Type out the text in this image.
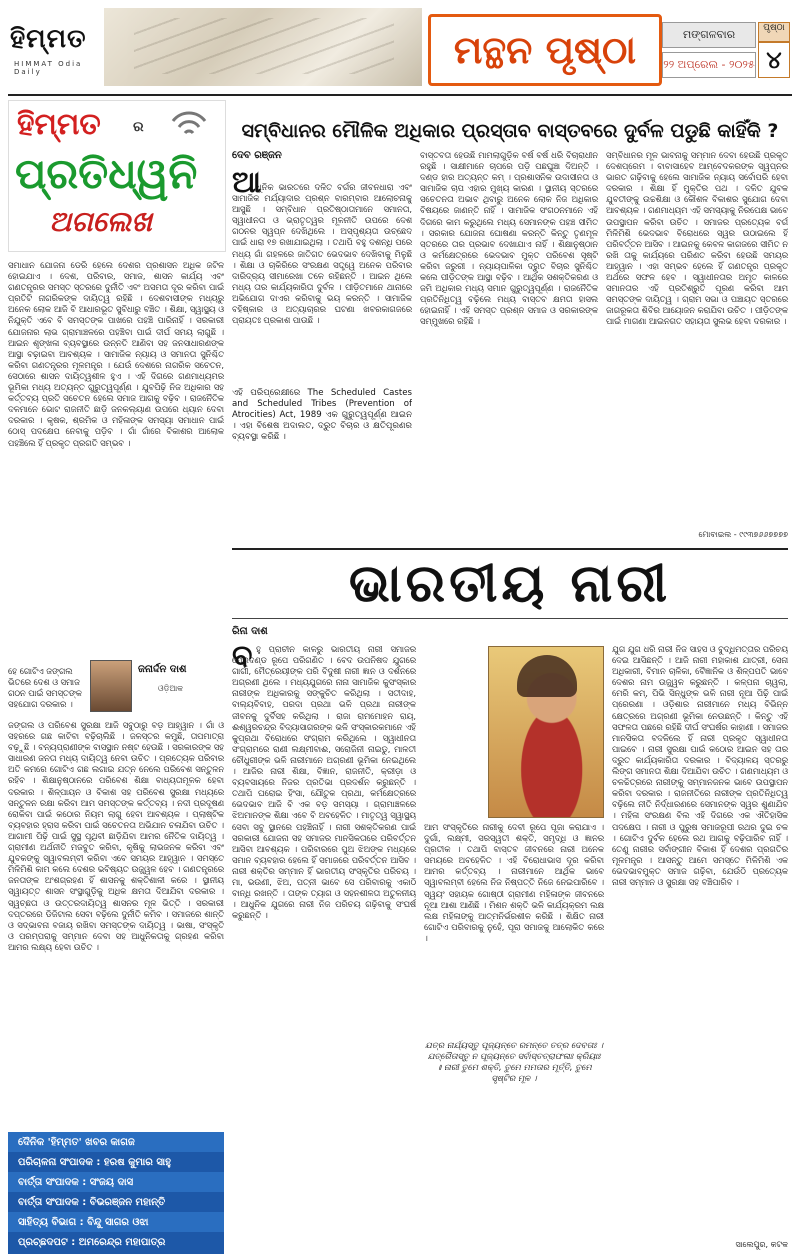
ହିମ୍ମତ
HIMMAT Odia Daily	ମନ୍ଥନ ପୃଷ୍ଠା	ମଙ୍ଗଳବାର
୨୨ ଅପ୍ରେଲ - ୨୦୨୫
ପୃଷ୍ଠା
୪
ହିମ୍ମତ ର
ପ୍ରତିଧ୍ୱନି
ଅଗଲେଖ
ସମାଧାନ ଯୋଜନା ଡେରି ହେଲେ ଦେଶର ପ୍ରଶାସନ ଅଧିକ ଜଟିଳ ହୋଇଯାଏ । ଦେଶ, ପରିବାର, ସମାଜ, ଶାସନ କାର୍ଯ୍ୟ ଏବଂ ଗଣତନ୍ତ୍ରର ସମସ୍ତ ସ୍ତରରେ ଦୁର୍ନୀତି ଏବଂ ଅସମତା ଦୂର କରିବା ପାଇଁ ପ୍ରତିଟି ନାଗରିକଙ୍କ ଦାୟିତ୍ୱ ରହିଛି । ଦେଶବାସୀଙ୍କ ମଧ୍ୟରୁ ଅନେକ ଲୋକ ଆଜି ବି ଆଧାରଭୂତ ସୁବିଧାରୁ ବଞ୍ଚିତ । ଶିକ୍ଷା, ସ୍ୱାସ୍ଥ୍ୟ ଓ ନିଯୁକ୍ତି ଏବେ ବି ସମସ୍ତଙ୍କ ପାଖରେ ପହଞ୍ଚି ପାରିନାହିଁ । ସରକାରୀ ଯୋଜନାର ଲାଭ ଗ୍ରାମାଞ୍ଚଳରେ ପହଞ୍ଚିବା ପାଇଁ ଦୀର୍ଘ ସମୟ ଲାଗୁଛି । ଆଇନ ଶୃଙ୍ଖଳା ବ୍ୟବସ୍ଥାରେ ଉନ୍ନତି ଆଣିବା ସହ ଜନସାଧାରଣଙ୍କ ଆସ୍ଥା ବଢ଼ାଇବା ଆବଶ୍ୟକ । ସାମାଜିକ ନ୍ୟାୟ ଓ ସମାନତା ସୁନିଶ୍ଚିତ କରିବା ଗଣତନ୍ତ୍ରର ମୂଳମନ୍ତ୍ର । ଯେଉଁ ଦେଶରେ ନାଗରିକ ସଚେତନ, ସେଠାରେ ଶାସନ ଦାୟିତ୍ୱଶୀଳ ହୁଏ । ଏହି ଦିଗରେ ଗଣମାଧ୍ୟମର ଭୂମିକା ମଧ୍ୟ ଅତ୍ୟନ୍ତ ଗୁରୁତ୍ୱପୂର୍ଣ୍ଣ । ଯୁବପିଢ଼ି ନିଜ ଅଧିକାର ସହ କର୍ତ୍ତବ୍ୟ ପ୍ରତି ସଚେତନ ହେଲେ ସମାଜ ଆଗକୁ ବଢ଼ିବ । ରାଜନୈତିକ ଦଳମାନେ ଭୋଟ ରାଜନୀତି ଛାଡ଼ି ଜନକଲ୍ୟାଣ ଉପରେ ଧ୍ୟାନ ଦେବା ଦରକାର । କୃଷକ, ଶ୍ରମିକ ଓ ମହିଳାଙ୍କ ସମସ୍ୟା ସମାଧାନ ପାଇଁ ଠୋସ୍ ପଦକ୍ଷେପ ନେବାକୁ ପଡ଼ିବ । ଗାଁ ଗାଁରେ ବିକାଶର ଆଲୋକ ପହଞ୍ଚିଲେ ହିଁ ପ୍ରକୃତ ପ୍ରଗତି ସମ୍ଭବ ।
ହେ ଗୋଟିଏ ଜଙ୍ଗଲ ଭିତରେ ଦେଶ ଓ ସମାଜ ଗଠନ ପାଇଁ ସମସ୍ତଙ୍କ ସହଯୋଗ ଦରକାର ।
ଜନାର୍ଦ୍ଦନ ଦାଶ
ଓଡ଼ିଆକ
ଜଙ୍ଗଲ ଓ ପରିବେଶ ସୁରକ୍ଷା ଆଜି ସବୁଠାରୁ ବଡ଼ ଆହ୍ୱାନ । ଗାଁ ଓ ସହରରେ ଗଛ କାଟିବା ବଢ଼ିଚାଲିଛି । ଜଳସ୍ତର କମୁଛି, ତାପମାତ୍ରା ବଢ଼ୁଛି । ବନ୍ୟପ୍ରାଣୀଙ୍କ ବାସସ୍ଥାନ ନଷ୍ଟ ହେଉଛି । ସରକାରଙ୍କ ସହ ସାଧାରଣ ଜନତା ମଧ୍ୟ ଦାୟିତ୍ୱ ନେବା ଉଚିତ । ପ୍ରତ୍ୟେକ ପରିବାର ଅତି କମରେ ଗୋଟିଏ ଗଛ ଲଗାଇ ଯତ୍ନ ନେଲେ ପରିବେଶ ସନ୍ତୁଳନ ରହିବ । ଶିକ୍ଷାନୁଷ୍ଠାନରେ ପରିବେଶ ଶିକ୍ଷା ବାଧ୍ୟତାମୂଳକ ହେବା ଦରକାର । ଶିଳ୍ପାୟନ ଓ ବିକାଶ ସହ ପରିବେଶ ସୁରକ୍ଷା ମଧ୍ୟରେ ସନ୍ତୁଳନ ରକ୍ଷା କରିବା ଆମ ସମସ୍ତଙ୍କ କର୍ତ୍ତବ୍ୟ । ନଦୀ ପ୍ରଦୂଷଣ ରୋକିବା ପାଇଁ କଠୋର ନିୟମ ଲାଗୁ ହେବା ଆବଶ୍ୟକ । ପ୍ଲାଷ୍ଟିକ ବ୍ୟବହାର ହ୍ରାସ କରିବା ପାଇଁ ସଚେତନତା ଅଭିଯାନ ଚଳାଯିବା ଉଚିତ । ଆଗାମୀ ପିଢ଼ି ପାଇଁ ସୁସ୍ଥ ପୃଥିବୀ ଛାଡ଼ିଯିବା ଆମର ନୈତିକ ଦାୟିତ୍ୱ । ଗ୍ରାମୀଣ ଅର୍ଥନୀତି ମଜବୁତ କରିବା, କୃଷିକୁ ଲାଭଜନକ କରିବା ଏବଂ ଯୁବକଙ୍କୁ ସ୍ୱାବଲମ୍ବୀ କରିବା ଏବେ ସମୟର ଆହ୍ୱାନ । ସମସ୍ତେ ମିଳିମିଶି କାମ କଲେ ଦେଶର ଭବିଷ୍ୟତ ଉଜ୍ଜ୍ୱଳ ହେବ । ଗଣତନ୍ତ୍ରରେ ଜନତାଙ୍କ ଅଂଶଗ୍ରହଣ ହିଁ ଶାସନକୁ ଶକ୍ତିଶାଳୀ କରେ । ସ୍ଥାନୀୟ ସ୍ୱାୟତ୍ତ ଶାସନ ସଂସ୍ଥାଗୁଡ଼ିକୁ ଅଧିକ କ୍ଷମତା ଦିଆଯିବା ଦରକାର । ସ୍ୱଚ୍ଛତା ଓ ଉତ୍ତରଦାୟିତ୍ୱ ଶାସନର ମୂଳ ଭିତ୍ତି । ସରକାରୀ ଦପ୍ତରରେ ଡିଜିଟାଲ ସେବା ବଢ଼ିଲେ ଦୁର୍ନୀତି କମିବ । ସମାଜରେ ଶାନ୍ତି ଓ ସଦ୍ଭାବନା ବଜାୟ ରଖିବା ସମସ୍ତଙ୍କ ଦାୟିତ୍ୱ । ଭାଷା, ସଂସ୍କୃତି ଓ ପରମ୍ପରାକୁ ସମ୍ମାନ ଦେବା ସହ ଆଧୁନିକତାକୁ ଗ୍ରହଣ କରିବା ଆମର ଲକ୍ଷ୍ୟ ହେବା ଉଚିତ ।
ଦୈନିକ 'ହିମ୍ମତ' ଖବର କାଗଜ
ପରିଚାଳନା ସଂପାଦକ : ହରଷ କୁମାର ସାହୁ
ବାର୍ତ୍ତା ସଂପାଦକ : ସଂଜୟ ଦାସ
ବାର୍ତ୍ତା ସଂପାଦକ : ବିଭରଞ୍ଜନ ମହାନ୍ତି
ସାହିତ୍ୟ ବିଭାଗ : ବିନ୍ଦୁ ସାଗର ଓଝା
ପ୍ରଚ୍ଛଦପଟ : ଅମରେନ୍ଦ୍ର ମହାପାତ୍ର
ସମ୍ବିଧାନର ମୌଳିକ ଅଧିକାର ପ୍ରସ୍ତାବ ବାସ୍ତବରେ ଦୁର୍ବଳ ପଡୁଛି କାହିଁକି ?
ଦେବ ରଞ୍ଜନ
ଧୁନିକ ଭାରତରେ ଦଳିତ ବର୍ଗର ଜୀବନଧାରା ଏବଂ ସାମାଜିକ ମର୍ଯ୍ୟାଦାର ପ୍ରଶ୍ନ ବାରମ୍ବାର ଆଲୋଚନାକୁ ଆସୁଛି । ସମ୍ବିଧାନ ପ୍ରତିଷ୍ଠାତାମାନେ ସମାନତା, ସ୍ୱାଧୀନତା ଓ ଭ୍ରାତୃତ୍ୱର ମୂଳନୀତି ଉପରେ ଦେଶ ଗଠନର ସ୍ୱପ୍ନ ଦେଖିଥିଲେ । ଅସ୍ପୃଶ୍ୟତା ଉଚ୍ଛେଦ ପାଇଁ ଧାରା ୧୭ ରଖାଯାଇଥିଲା । ତଥାପି ବହୁ ଦଶନ୍ଧି ପରେ ମଧ୍ୟ ଗାଁ ଗହଳରେ ଜାତିଗତ ଭେଦଭାବ ଦେଖିବାକୁ ମିଳୁଛି । ଶିକ୍ଷା ଓ ଚାକିରିରେ ସଂରକ୍ଷଣ ସତ୍ତ୍ୱେ ଅନେକ ପରିବାର ଦାରିଦ୍ର୍ୟ ସୀମାରେଖା ତଳେ ରହିଛନ୍ତି । ଆଇନ ଥିଲେ ମଧ୍ୟ ତାର କାର୍ଯ୍ୟକାରିତା ଦୁର୍ବଳ । ପୀଡ଼ିତମାନେ ଥାନାରେ ଅଭିଯୋଗ ଦାଏର କରିବାକୁ ଭୟ କରନ୍ତି । ସାମାଜିକ ବହିଷ୍କାର ଓ ଅତ୍ୟାଚାରର ଘଟଣା ଖବରକାଗଜରେ ପ୍ରାୟତଃ ପ୍ରକାଶ ପାଉଛି ।
ଆ
ଏହି ପରିପ୍ରେକ୍ଷୀରେ The Scheduled Castes and Scheduled Tribes (Prevention of Atrocities) Act, 1989 ଏକ ଗୁରୁତ୍ୱପୂର୍ଣ୍ଣ ଆଇନ । ଏହା ବିଶେଷ ଅଦାଲତ, ଦ୍ରୁତ ବିଚାର ଓ କ୍ଷତିପୂରଣର ବ୍ୟବସ୍ଥା କରିଛି ।
ବାସ୍ତବତା ହେଉଛି ମାମଲାଗୁଡ଼ିକ ବର୍ଷ ବର୍ଷ ଧରି ବିଚାରାଧୀନ ରହୁଛି । ସାକ୍ଷୀମାନେ ଚାପରେ ପଡ଼ି ପଛଘୁଞ୍ଚା ଦିଅନ୍ତି । ଦଣ୍ଡ ହାର ଅତ୍ୟନ୍ତ କମ୍ । ପ୍ରଶାସନିକ ଉଦାସୀନତା ଓ ସାମାଜିକ ଚାପ ଏହାର ମୁଖ୍ୟ କାରଣ । ସ୍ଥାନୀୟ ସ୍ତରରେ ସଚେତନତା ଅଭାବ ଥିବାରୁ ଅନେକ ଲୋକ ନିଜ ଅଧିକାର ବିଷୟରେ ଜାଣନ୍ତି ନାହିଁ । ସାମାଜିକ ସଂଗଠନମାନେ ଏହି ଦିଗରେ କାମ କରୁଥିଲେ ମଧ୍ୟ ସେମାନଙ୍କ ପହଞ୍ଚ ସୀମିତ । ସରକାର ଯୋଜନା ଘୋଷଣା କରନ୍ତି କିନ୍ତୁ ତୃଣମୂଳ ସ୍ତରରେ ତାର ପ୍ରଭାବ ଦେଖାଯାଏ ନାହିଁ । ଶିକ୍ଷାନୁଷ୍ଠାନ ଓ କର୍ମକ୍ଷେତ୍ରରେ ଭେଦଭାବ ମୁକ୍ତ ପରିବେଶ ସୃଷ୍ଟି କରିବା ଜରୁରୀ । ନ୍ୟାୟପାଳିକା ଦ୍ରୁତ ବିଚାର ସୁନିଶ୍ଚିତ କଲେ ପୀଡ଼ିତଙ୍କ ଆସ୍ଥା ବଢ଼ିବ । ଆର୍ଥିକ ସଶକ୍ତିକରଣ ଓ ଜମି ଅଧିକାର ମଧ୍ୟ ସମାନ ଗୁରୁତ୍ୱପୂର୍ଣ୍ଣ । ରାଜନୈତିକ ପ୍ରତିନିଧିତ୍ୱ ବଢ଼ିଲେ ମଧ୍ୟ ବାସ୍ତବ କ୍ଷମତା ହାସଲ ହୋଇନାହିଁ । ଏହି ସମସ୍ତ ପ୍ରଶ୍ନ ସମାଜ ଓ ସରକାରଙ୍କ ସମ୍ମୁଖରେ ରହିଛି ।
ସମ୍ବିଧାନର ମୂଳ ଭାବନାକୁ ସମ୍ମାନ ଦେବା ହେଉଛି ପ୍ରକୃତ ଦେଶପ୍ରେମ । ବାବାସାହେବ ଆମ୍ବେଦକରଙ୍କ ସ୍ୱପ୍ନର ଭାରତ ଗଢ଼ିବାକୁ ହେଲେ ସାମାଜିକ ନ୍ୟାୟ ସର୍ବୋପରି ହେବା ଦରକାର । ଶିକ୍ଷା ହିଁ ମୁକ୍ତିର ପଥ । ଦଳିତ ଯୁବକ ଯୁବତୀଙ୍କୁ ଉଚ୍ଚଶିକ୍ଷା ଓ କୌଶଳ ବିକାଶର ସୁଯୋଗ ଦେବା ଆବଶ୍ୟକ । ଗଣମାଧ୍ୟମ ଏହି ସମସ୍ୟାକୁ ନିରପେକ୍ଷ ଭାବେ ଉପସ୍ଥାପନ କରିବା ଉଚିତ । ସମାଜର ପ୍ରତ୍ୟେକ ବର୍ଗ ମିଳିମିଶି ଭେଦଭାବ ବିରୋଧରେ ସ୍ୱର ଉଠାଇଲେ ହିଁ ପରିବର୍ତ୍ତନ ଆସିବ । ଆଇନକୁ କେବଳ କାଗଜରେ ସୀମିତ ନ ରଖି ତାକୁ କାର୍ଯ୍ୟରେ ପରିଣତ କରିବା ହେଉଛି ସମୟର ଆହ୍ୱାନ । ଏହା ସମ୍ଭବ ହେଲେ ହିଁ ଗଣତନ୍ତ୍ର ପ୍ରକୃତ ଅର୍ଥରେ ସଫଳ ହେବ । ସ୍ୱାଧୀନତାର ଅମୃତ କାଳରେ ସମାନତାର ଏହି ପ୍ରତିଶ୍ରୁତି ପୂରଣ କରିବା ଆମ ସମସ୍ତଙ୍କ ଦାୟିତ୍ୱ । ଗ୍ରାମ ସଭା ଓ ପଞ୍ଚାୟତ ସ୍ତରରେ ଜାଗରୂକତା ଶିବିର ଆୟୋଜନ କରାଯିବା ଉଚିତ । ପୀଡ଼ିତଙ୍କ ପାଇଁ ମାଗଣା ଆଇନଗତ ସହାୟତା ସୁଲଭ ହେବା ଦରକାର ।
ମୋବାଇଲ - ୯୯୩୭୬୬୭୭୭୭
ଭାରତୀୟ ନାରୀ
ରିନା ଦାଶ
ହୁ ପ୍ରାଚୀନ କାଳରୁ ଭାରତୀୟ ନାରୀ ସମାଜର ମେରୁଦଣ୍ଡ ରୂପେ ପରିଗଣିତ । ବେଦ ଉପନିଷଦ ଯୁଗରେ ଗାର୍ଗୀ, ମୈତ୍ରେୟୀଙ୍କ ପରି ବିଦୁଷୀ ନାରୀ ଜ୍ଞାନ ଓ ଦର୍ଶନରେ ଅଗ୍ରଣୀ ଥିଲେ । ମଧ୍ୟଯୁଗରେ ନାନା ସାମାଜିକ କୁସଂସ୍କାର ନାରୀଙ୍କ ଅଧିକାରକୁ ସଙ୍କୁଚିତ କରିଥିଲା । ସତୀଦାହ, ବାଲ୍ୟବିବାହ, ପରଦା ପ୍ରଥା ଭଳି ପ୍ରଥା ନାରୀଙ୍କ ଜୀବନକୁ ଦୁର୍ବିସହ କରିଥିଲା । ରାଜା ରାମମୋହନ ରାୟ, ଈଶ୍ୱରଚନ୍ଦ୍ର ବିଦ୍ୟାସାଗରଙ୍କ ଭଳି ସଂସ୍କାରକମାନେ ଏହି କୁପ୍ରଥା ବିରୋଧରେ ସଂଗ୍ରାମ କରିଥିଲେ । ସ୍ୱାଧୀନତା ସଂଗ୍ରାମରେ ରାଣୀ ଲକ୍ଷ୍ମୀବାଈ, ସରୋଜିନୀ ନାଇଡୁ, ମାଳତୀ ଚୌଧୁରୀଙ୍କ ଭଳି ନାରୀମାନେ ଅଗ୍ରଣୀ ଭୂମିକା ନେଇଥିଲେ । ଆଜିର ନାରୀ ଶିକ୍ଷା, ବିଜ୍ଞାନ, ରାଜନୀତି, କ୍ରୀଡ଼ା ଓ ବ୍ୟବସାୟରେ ନିଜର ପ୍ରତିଭା ପ୍ରଦର୍ଶନ କରୁଛନ୍ତି । ତଥାପି ଘରୋଇ ହିଂସା, ଯୌତୁକ ପ୍ରଥା, କର୍ମକ୍ଷେତ୍ରରେ ଭେଦଭାବ ଆଜି ବି ଏକ ବଡ଼ ସମସ୍ୟା । ଗ୍ରାମାଞ୍ଚଳରେ ଝିଅମାନଙ୍କ ଶିକ୍ଷା ଏବେ ବି ଅବହେଳିତ । ମାତୃତ୍ୱ ସ୍ୱାସ୍ଥ୍ୟ ସେବା ସବୁ ସ୍ଥାନରେ ପହଞ୍ଚିନାହିଁ । ନାରୀ ସଶକ୍ତିକରଣ ପାଇଁ ସରକାରୀ ଯୋଜନା ସହ ସମାଜର ମାନସିକତାରେ ପରିବର୍ତ୍ତନ ଆସିବା ଆବଶ୍ୟକ । ପରିବାରରେ ପୁଅ ଝିଅଙ୍କ ମଧ୍ୟରେ ସମାନ ବ୍ୟବହାର ହେଲେ ହିଁ ସମାଜରେ ପରିବର୍ତ୍ତନ ଆସିବ । ନାରୀ ଶକ୍ତିର ସମ୍ମାନ ହିଁ ଭାରତୀୟ ସଂସ୍କୃତିର ପରିଚୟ । ମା, ଭଉଣୀ, ଝିଅ, ପତ୍ନୀ ଭାବେ ସେ ପରିବାରକୁ ଏକାଠି ବାନ୍ଧି ରଖନ୍ତି । ତାଙ୍କ ତ୍ୟାଗ ଓ ସହନଶୀଳତା ଅତୁଳନୀୟ । ଆଧୁନିକ ଯୁଗରେ ନାରୀ ନିଜ ପରିଚୟ ଗଢ଼ିବାକୁ ସଂଘର୍ଷ କରୁଛନ୍ତି ।
ବ
ଆମ ସଂସ୍କୃତିରେ ନାରୀକୁ ଦେବୀ ରୂପେ ପୂଜା କରାଯାଏ । ଦୁର୍ଗା, ଲକ୍ଷ୍ମୀ, ସରସ୍ୱତୀ ଶକ୍ତି, ସମୃଦ୍ଧି ଓ ଜ୍ଞାନର ପ୍ରତୀକ । ତଥାପି ବାସ୍ତବ ଜୀବନରେ ନାରୀ ଅନେକ ସମୟରେ ଅବହେଳିତ । ଏହି ବିରୋଧାଭାସ ଦୂର କରିବା ଆମର କର୍ତ୍ତବ୍ୟ । ନାରୀମାନେ ଆର୍ଥିକ ଭାବେ ସ୍ୱାବଲମ୍ବୀ ହେଲେ ନିଜ ନିଷ୍ପତ୍ତି ନିଜେ ନେଇପାରିବେ । ସ୍ୱୟଂ ସହାୟକ ଗୋଷ୍ଠୀ ଗ୍ରାମୀଣ ମହିଳାଙ୍କ ଜୀବନରେ ନୂଆ ଆଶା ଆଣିଛି । ମିଶନ ଶକ୍ତି ଭଳି କାର୍ଯ୍ୟକ୍ରମ ଲକ୍ଷ ଲକ୍ଷ ମହିଳାଙ୍କୁ ଆତ୍ମନିର୍ଭରଶୀଳ କରିଛି । ଶିକ୍ଷିତ ନାରୀ ଗୋଟିଏ ପରିବାରକୁ ନୁହେଁ, ପୂରା ସମାଜକୁ ଆଲୋକିତ କରେ ।
ଯତ୍ର ନାର୍ଯ୍ୟସ୍ତୁ ପୂଜ୍ୟନ୍ତେ ରମନ୍ତେ ତତ୍ର ଦେବତାଃ । ଯତ୍ରୈତାସ୍ତୁ ନ ପୂଜ୍ୟନ୍ତେ ସର୍ବାସ୍ତତ୍ରାଫଳାଃ କ୍ରିୟାଃ ॥ ନାରୀ ତୁମେ ଶକ୍ତି, ତୁମେ ମମତାର ମୂର୍ତ୍ତି, ତୁମେ ସୃଷ୍ଟିର ମୂଳ ।
ଯୁଗ ଯୁଗ ଧରି ନାରୀ ନିଜ ସାହସ ଓ ବୁଦ୍ଧିମତ୍ତାର ପରିଚୟ ଦେଇ ଆସିଛନ୍ତି । ଆଜି ନାରୀ ମହାକାଶ ଯାତ୍ରୀ, ସେନା ଅଧିକାରୀ, ବିମାନ ଚାଳିକା, ବୈଜ୍ଞାନିକ ଓ ଶିଳ୍ପପତି ଭାବେ ଦେଶର ନାମ ଉଜ୍ଜ୍ୱଳ କରୁଛନ୍ତି । କଳ୍ପନା ଚାୱଲା, ମେରି କମ୍, ପିଭି ସିନ୍ଧୁଙ୍କ ଭଳି ନାରୀ ନୂଆ ପିଢ଼ି ପାଇଁ ପ୍ରେରଣା । ଓଡ଼ିଶାର ନାରୀମାନେ ମଧ୍ୟ ବିଭିନ୍ନ କ୍ଷେତ୍ରରେ ଅଗ୍ରଣୀ ଭୂମିକା ନେଉଛନ୍ତି । କିନ୍ତୁ ଏହି ସଫଳତା ପଛରେ ରହିଛି ଦୀର୍ଘ ସଂଘର୍ଷର କାହାଣୀ । ସମାଜର ମାନସିକତା ବଦଳିଲେ ହିଁ ନାରୀ ପ୍ରକୃତ ସ୍ୱାଧୀନତା ପାଇବେ । ନାରୀ ସୁରକ୍ଷା ପାଇଁ କଠୋର ଆଇନ ସହ ତାର ଦ୍ରୁତ କାର୍ଯ୍ୟକାରିତା ଦରକାର । ବିଦ୍ୟାଳୟ ସ୍ତରରୁ ଲିଙ୍ଗ ସମାନତା ଶିକ୍ଷା ଦିଆଯିବା ଉଚିତ । ଗଣମାଧ୍ୟମ ଓ ଚଳଚ୍ଚିତ୍ରରେ ନାରୀଙ୍କୁ ସମ୍ମାନଜନକ ଭାବେ ଉପସ୍ଥାପନ କରିବା ଦରକାର । ରାଜନୀତିରେ ନାରୀଙ୍କ ପ୍ରତିନିଧିତ୍ୱ ବଢ଼ିଲେ ନୀତି ନିର୍ଦ୍ଧାରଣରେ ସେମାନଙ୍କ ସ୍ୱର ଶୁଣାଯିବ । ମହିଳା ସଂରକ୍ଷଣ ବିଲ ଏହି ଦିଗରେ ଏକ ଐତିହାସିକ ପଦକ୍ଷେପ । ନାରୀ ଓ ପୁରୁଷ ସମାଜରୂପୀ ରଥର ଦୁଇ ଚକ । ଗୋଟିଏ ଦୁର୍ବଳ ହେଲେ ରଥ ଆଗକୁ ବଢ଼ିପାରିବ ନାହିଁ । ତେଣୁ ନାରୀର ସର୍ବାଙ୍ଗୀନ ବିକାଶ ହିଁ ଦେଶର ପ୍ରଗତିର ମୂଳମନ୍ତ୍ର । ଆସନ୍ତୁ ଆମେ ସମସ୍ତେ ମିଳିମିଶି ଏକ ଭେଦଭାବମୁକ୍ତ ସମାଜ ଗଢ଼ିବା, ଯେଉଁଠି ପ୍ରତ୍ୟେକ ନାରୀ ସମ୍ମାନ ଓ ସୁରକ୍ଷା ସହ ବଞ୍ଚିପାରିବ ।
ସାଲେପୁର, କଟକ
